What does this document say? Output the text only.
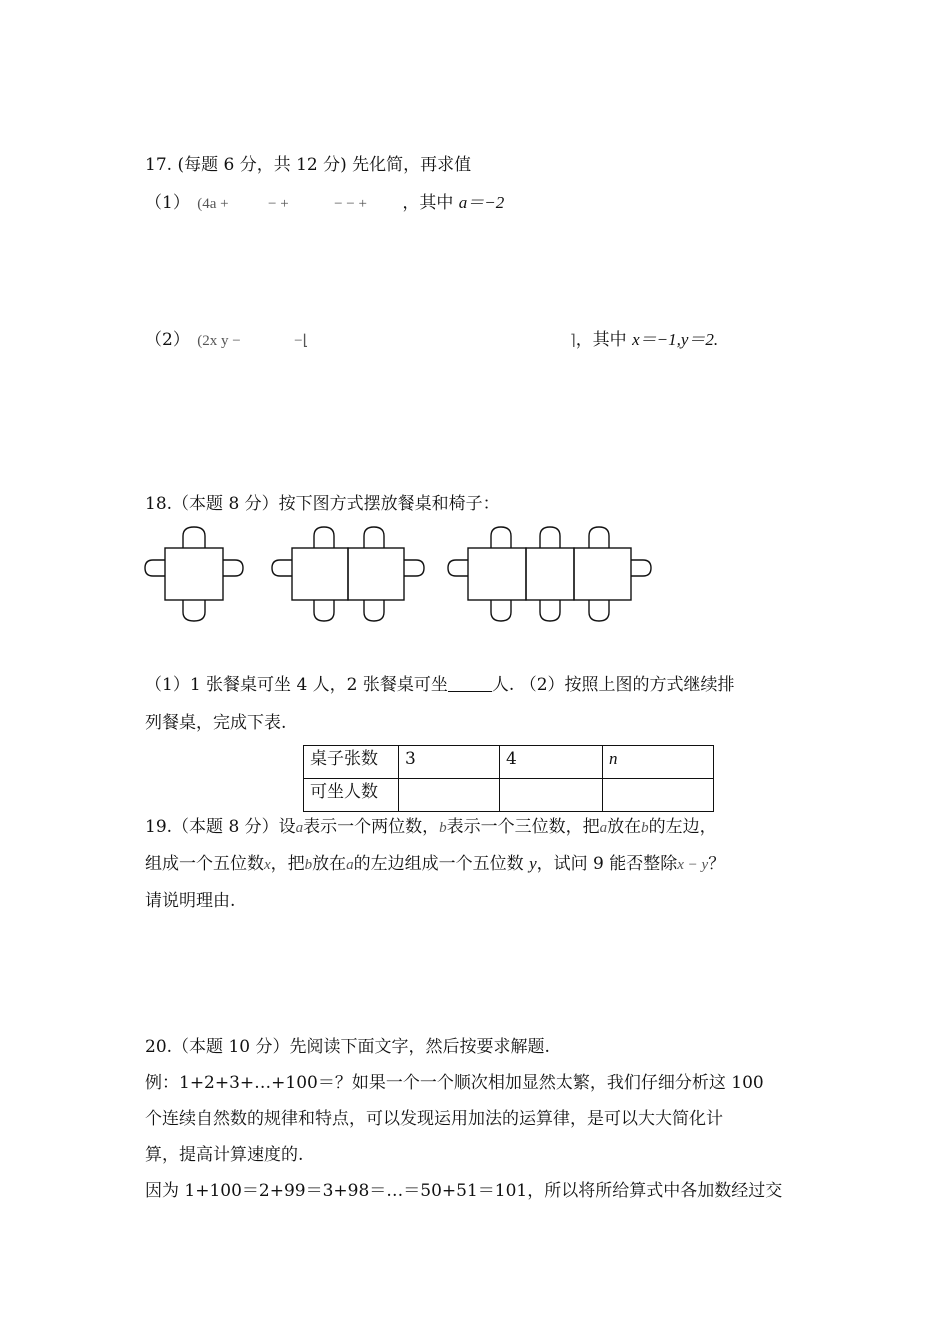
17. (每题 6 分，共 12 分) 先化简，再求值
（1） (4a +	− +	− − + ，其中 a＝−2
（2） (2x y −	−⌊	⌉，其中 x＝−1,y＝2.
18.（本题 8 分）按下图方式摆放餐桌和椅子：
（1）1 张餐桌可坐 4 人，2 张餐桌可坐	人. （2）按照上图的方式继续排
列餐桌，完成下表.
桌子张数	3	4	n
可坐人数			
19.（本题 8 分）设a表示一个两位数，b表示一个三位数，把a放在b的左边，
组成一个五位数x，把b放在a的左边组成一个五位数 y，试问 9 能否整除x − y？
请说明理由.
20.（本题 10 分）先阅读下面文字，然后按要求解题.
例：1+2+3+…+100＝？如果一个一个顺次相加显然太繁，我们仔细分析这 100
个连续自然数的规律和特点，可以发现运用加法的运算律，是可以大大简化计
算，提高计算速度的.
因为 1+100＝2+99＝3+98＝…＝50+51＝101，所以将所给算式中各加数经过交
